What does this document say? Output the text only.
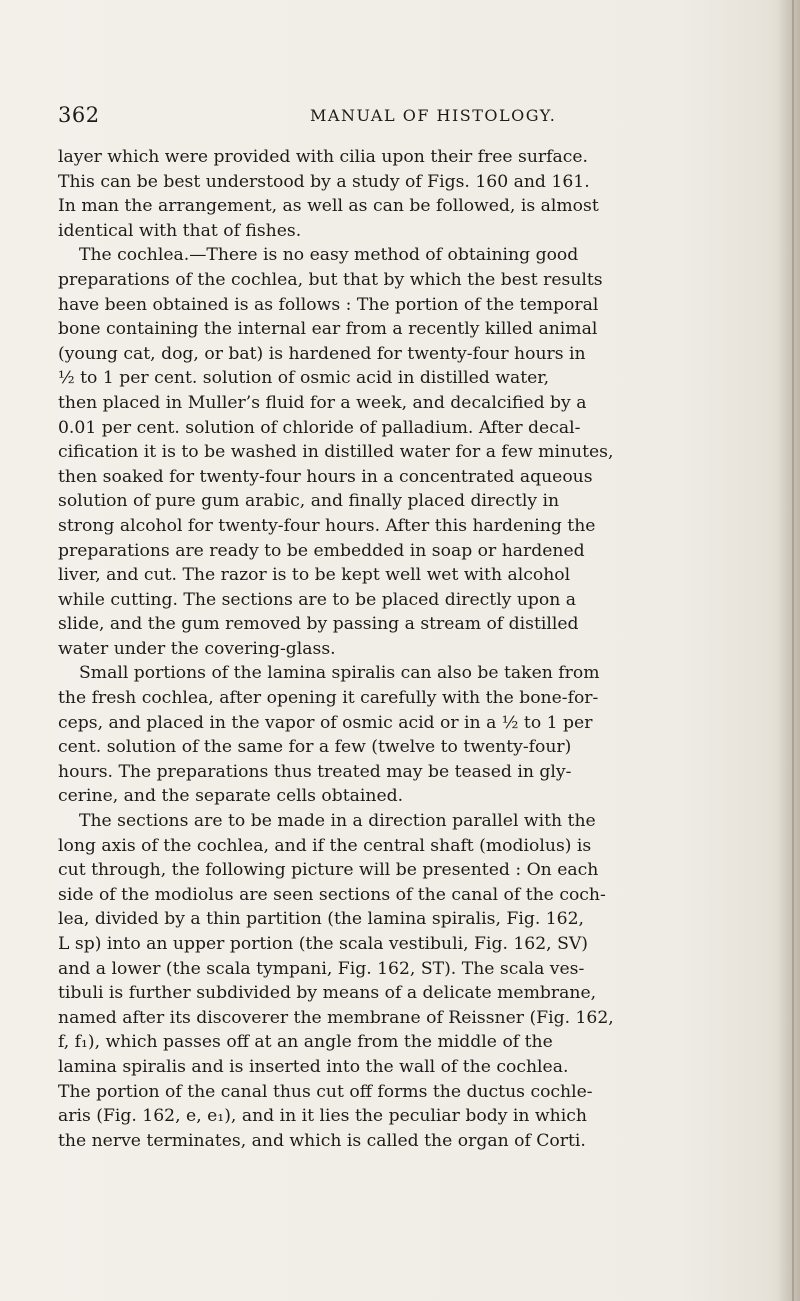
362	MANUAL OF HISTOLOGY.
layer which were provided with cilia upon their free surface.
This can be best understood by a study of Figs. 160 and 161.
In man the arrangement, as well as can be followed, is almost
identical with that of fishes.
The cochlea.—There is no easy method of obtaining good
preparations of the cochlea, but that by which the best results
have been obtained is as follows : The portion of the temporal
bone containing the internal ear from a recently killed animal
(young cat, dog, or bat) is hardened for twenty-four hours in
½ to 1 per cent. solution of osmic acid in distilled water,
then placed in Muller’s fluid for a week, and decalcified by a
0.01 per cent. solution of chloride of palladium. After decal-
cification it is to be washed in distilled water for a few minutes,
then soaked for twenty-four hours in a concentrated aqueous
solution of pure gum arabic, and finally placed directly in
strong alcohol for twenty-four hours. After this hardening the
preparations are ready to be embedded in soap or hardened
liver, and cut. The razor is to be kept well wet with alcohol
while cutting. The sections are to be placed directly upon a
slide, and the gum removed by passing a stream of distilled
water under the covering-glass.
Small portions of the lamina spiralis can also be taken from
the fresh cochlea, after opening it carefully with the bone-for-
ceps, and placed in the vapor of osmic acid or in a ½ to 1 per
cent. solution of the same for a few (twelve to twenty-four)
hours. The preparations thus treated may be teased in gly-
cerine, and the separate cells obtained.
The sections are to be made in a direction parallel with the
long axis of the cochlea, and if the central shaft (modiolus) is
cut through, the following picture will be presented : On each
side of the modiolus are seen sections of the canal of the coch-
lea, divided by a thin partition (the lamina spiralis, Fig. 162,
L sp) into an upper portion (the scala vestibuli, Fig. 162, SV)
and a lower (the scala tympani, Fig. 162, ST). The scala ves-
tibuli is further subdivided by means of a delicate membrane,
named after its discoverer the membrane of Reissner (Fig. 162,
f, f₁), which passes off at an angle from the middle of the
lamina spiralis and is inserted into the wall of the cochlea.
The portion of the canal thus cut off forms the ductus cochle-
aris (Fig. 162, e, e₁), and in it lies the peculiar body in which
the nerve terminates, and which is called the organ of Corti.
